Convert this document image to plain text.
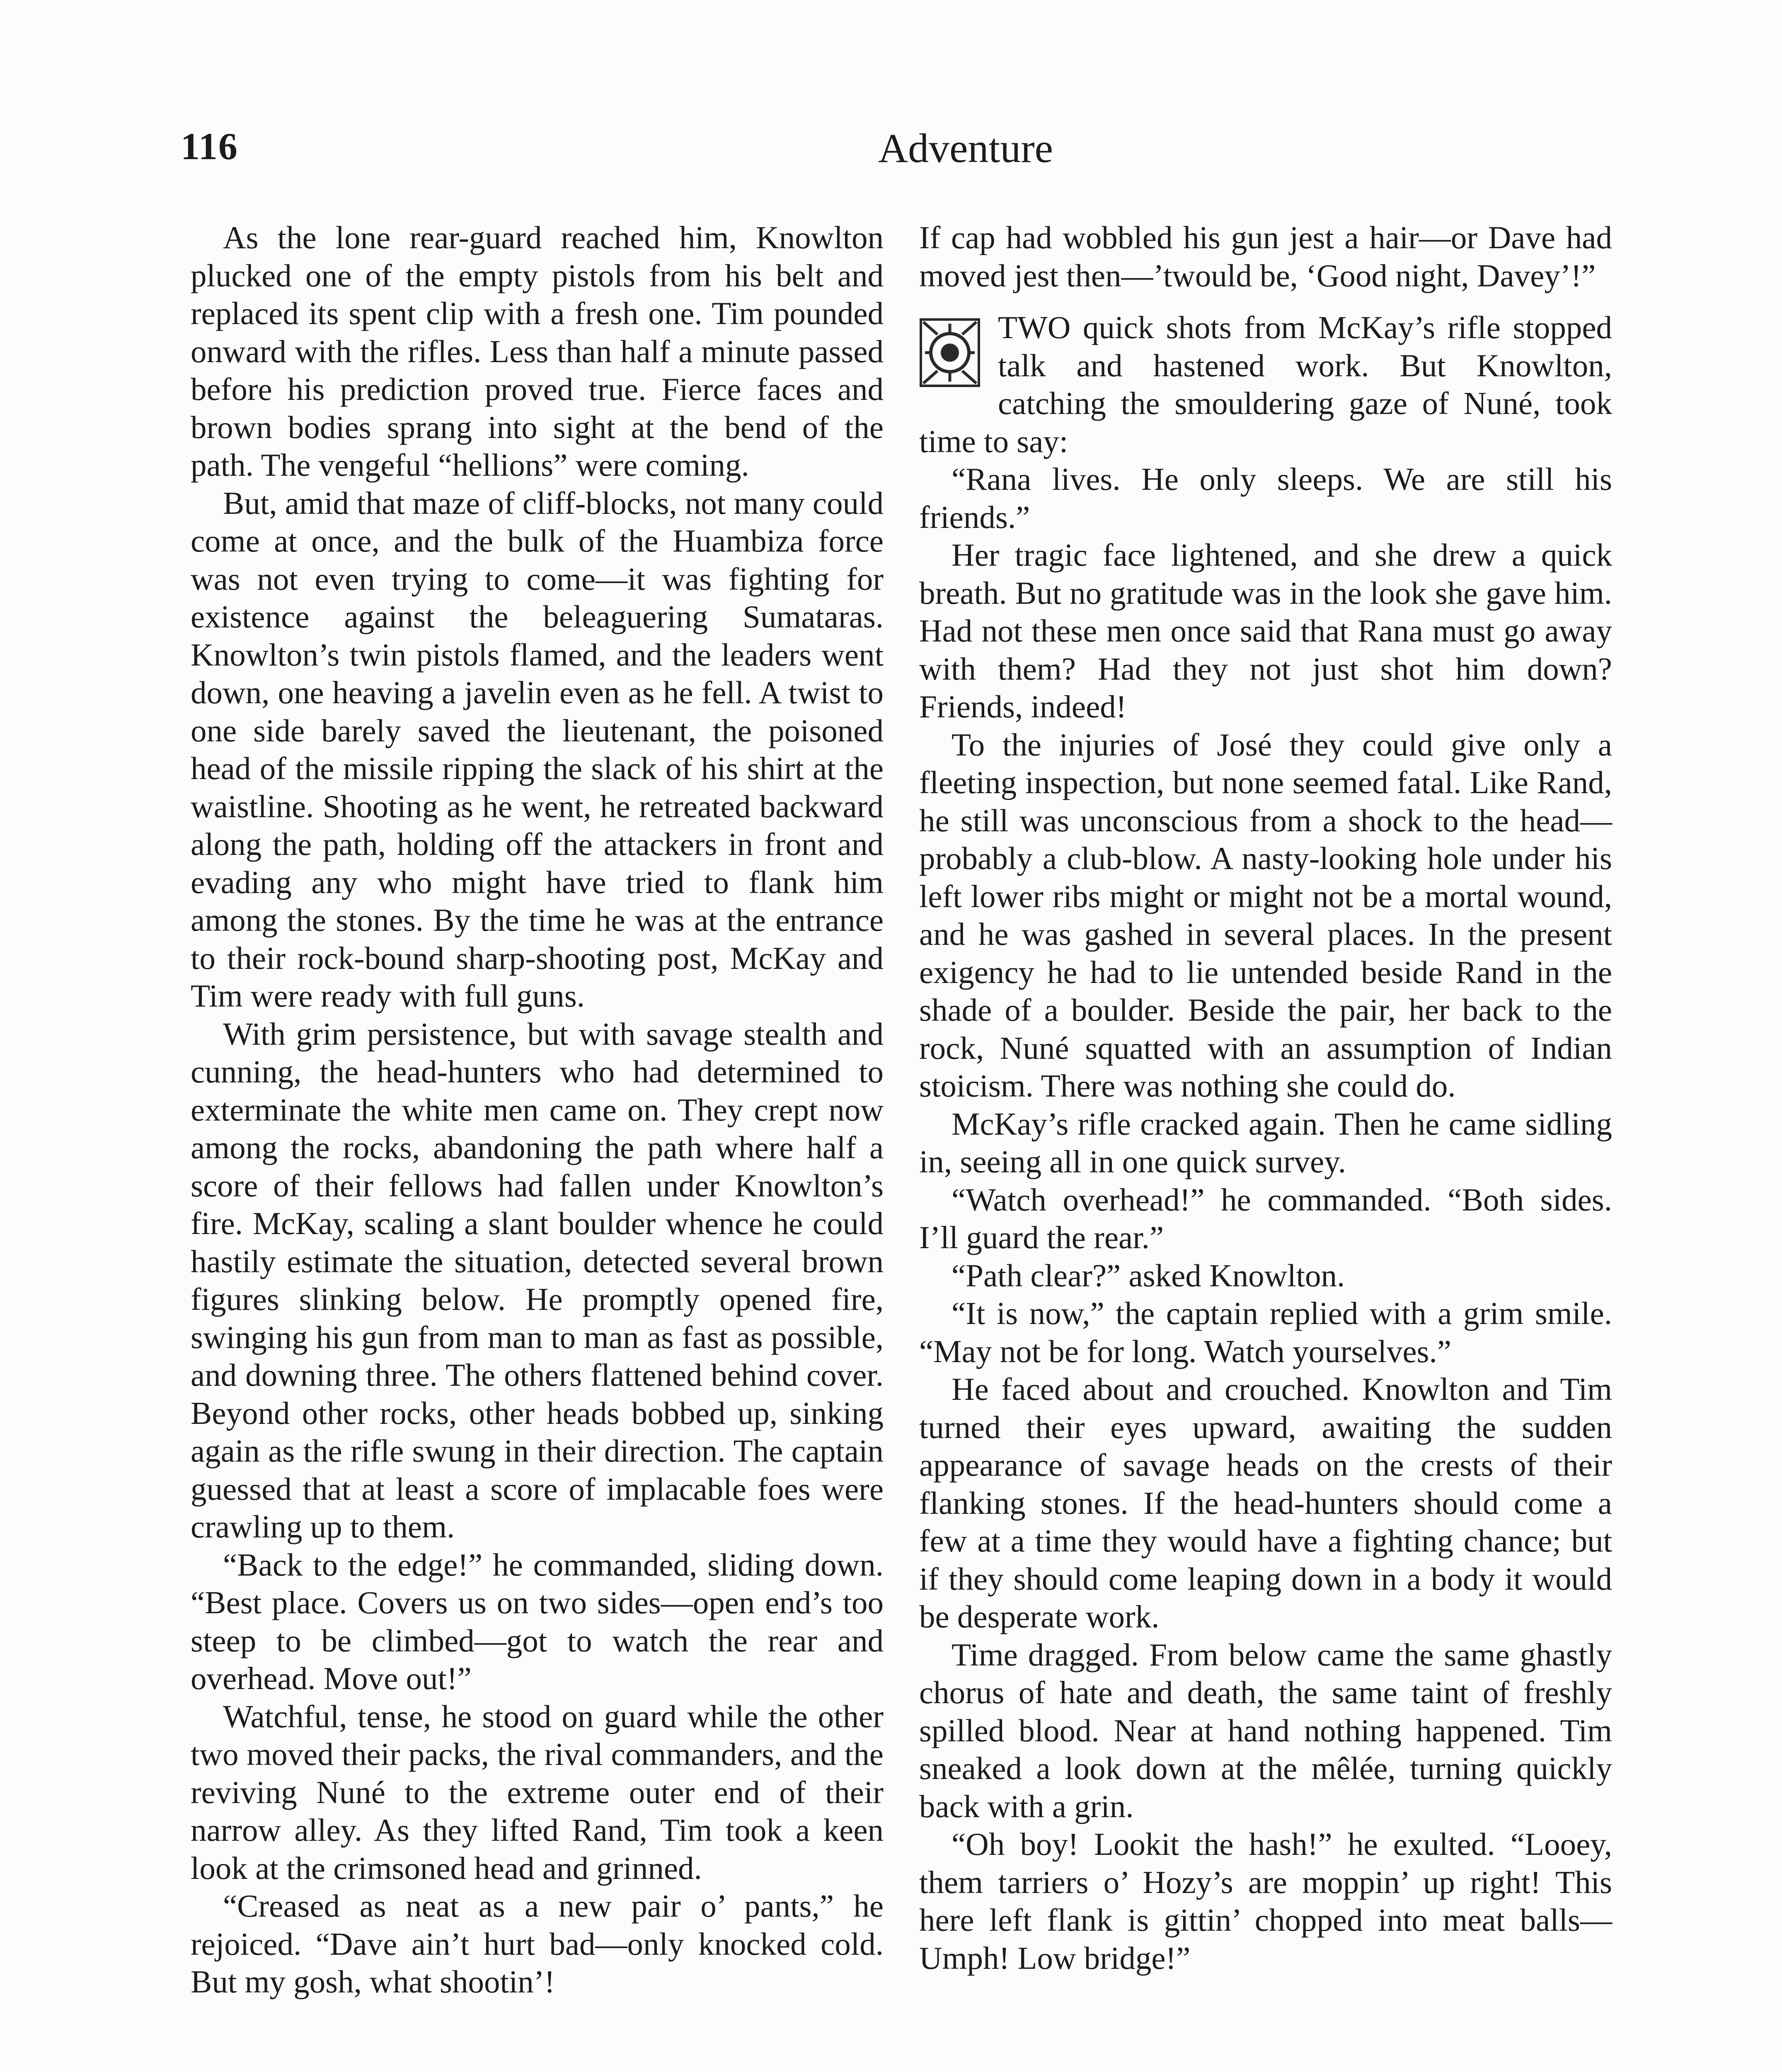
116	Adventure

As the lone rear-guard reached him, Knowlton plucked one of the empty pistols from his belt and replaced its spent clip with a fresh one. Tim pounded onward with the rifles. Less than half a minute passed before his prediction proved true. Fierce faces and brown bodies sprang into sight at the bend of the path. The vengeful “hellions” were coming.

But, amid that maze of cliff-blocks, not many could come at once, and the bulk of the Huambiza force was not even trying to come—it was fighting for existence against the beleaguering Sumataras. Knowlton’s twin pistols flamed, and the leaders went down, one heaving a javelin even as he fell. A twist to one side barely saved the lieutenant, the poisoned head of the missile ripping the slack of his shirt at the waistline. Shooting as he went, he retreated backward along the path, holding off the attackers in front and evading any who might have tried to flank him among the stones. By the time he was at the entrance to their rock-bound sharp-shooting post, McKay and Tim were ready with full guns.

With grim persistence, but with savage stealth and cunning, the head-hunters who had determined to exterminate the white men came on. They crept now among the rocks, abandoning the path where half a score of their fellows had fallen under Knowlton’s fire. McKay, scaling a slant boulder whence he could hastily estimate the situation, detected several brown figures slinking below. He promptly opened fire, swinging his gun from man to man as fast as possible, and downing three. The others flattened behind cover. Beyond other rocks, other heads bobbed up, sinking again as the rifle swung in their direction. The captain guessed that at least a score of implacable foes were crawling up to them.

“Back to the edge!” he commanded, sliding down. “Best place. Covers us on two sides—open end’s too steep to be climbed—got to watch the rear and overhead. Move out!”

Watchful, tense, he stood on guard while the other two moved their packs, the rival commanders, and the reviving Nuné to the extreme outer end of their narrow alley. As they lifted Rand, Tim took a keen look at the crimsoned head and grinned.

“Creased as neat as a new pair o’ pants,” he rejoiced. “Dave ain’t hurt bad—only knocked cold. But my gosh, what shootin’!

If cap had wobbled his gun jest a hair—or Dave had moved jest then—’twould be, ‘Good night, Davey’!”

TWO quick shots from McKay’s rifle stopped talk and hastened work. But Knowlton, catching the smouldering gaze of Nuné, took time to say:

“Rana lives. He only sleeps. We are still his friends.”

Her tragic face lightened, and she drew a quick breath. But no gratitude was in the look she gave him. Had not these men once said that Rana must go away with them? Had they not just shot him down? Friends, indeed!

To the injuries of José they could give only a fleeting inspection, but none seemed fatal. Like Rand, he still was unconscious from a shock to the head—probably a club-blow. A nasty-looking hole under his left lower ribs might or might not be a mortal wound, and he was gashed in several places. In the present exigency he had to lie untended beside Rand in the shade of a boulder. Beside the pair, her back to the rock, Nuné squatted with an assumption of Indian stoicism. There was nothing she could do.

McKay’s rifle cracked again. Then he came sidling in, seeing all in one quick survey.

“Watch overhead!” he commanded. “Both sides. I’ll guard the rear.”

“Path clear?” asked Knowlton.

“It is now,” the captain replied with a grim smile. “May not be for long. Watch yourselves.”

He faced about and crouched. Knowlton and Tim turned their eyes upward, awaiting the sudden appearance of savage heads on the crests of their flanking stones. If the head-hunters should come a few at a time they would have a fighting chance; but if they should come leaping down in a body it would be desperate work.

Time dragged. From below came the same ghastly chorus of hate and death, the same taint of freshly spilled blood. Near at hand nothing happened. Tim sneaked a look down at the mêlée, turning quickly back with a grin.

“Oh boy! Lookit the hash!” he exulted. “Looey, them tarriers o’ Hozy’s are moppin’ up right! This here left flank is gittin’ chopped into meat balls— Umph! Low bridge!”
